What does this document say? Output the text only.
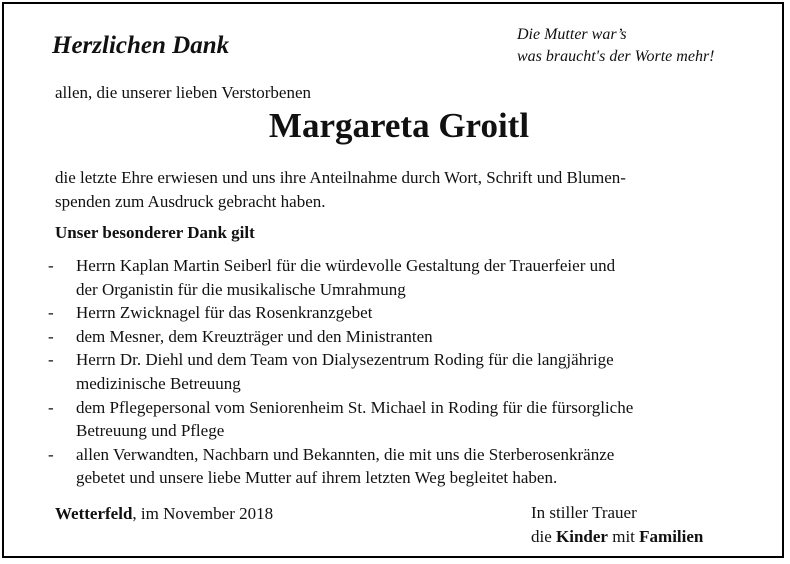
Herzlichen Dank	Die Mutter war’s
was braucht's der Worte mehr!
allen, die unserer lieben Verstorbenen
Margareta Groitl
die letzte Ehre erwiesen und uns ihre Anteilnahme durch Wort, Schrift und Blumen-
spenden zum Ausdruck gebracht haben.
Unser besonderer Dank gilt
- Herrn Kaplan Martin Seiberl für die würdevolle Gestaltung der Trauerfeier und
der Organistin für die musikalische Umrahmung
- Herrn Zwicknagel für das Rosenkranzgebet
- dem Mesner, dem Kreuzträger und den Ministranten
- Herrn Dr. Diehl und dem Team von Dialysezentrum Roding für die langjährige
medizinische Betreuung
- dem Pflegepersonal vom Seniorenheim St. Michael in Roding für die fürsorgliche
Betreuung und Pflege
- allen Verwandten, Nachbarn und Bekannten, die mit uns die Sterberosenkränze
gebetet und unsere liebe Mutter auf ihrem letzten Weg begleitet haben.
Wetterfeld, im November 2018	In stiller Trauer
die Kinder mit Familien
